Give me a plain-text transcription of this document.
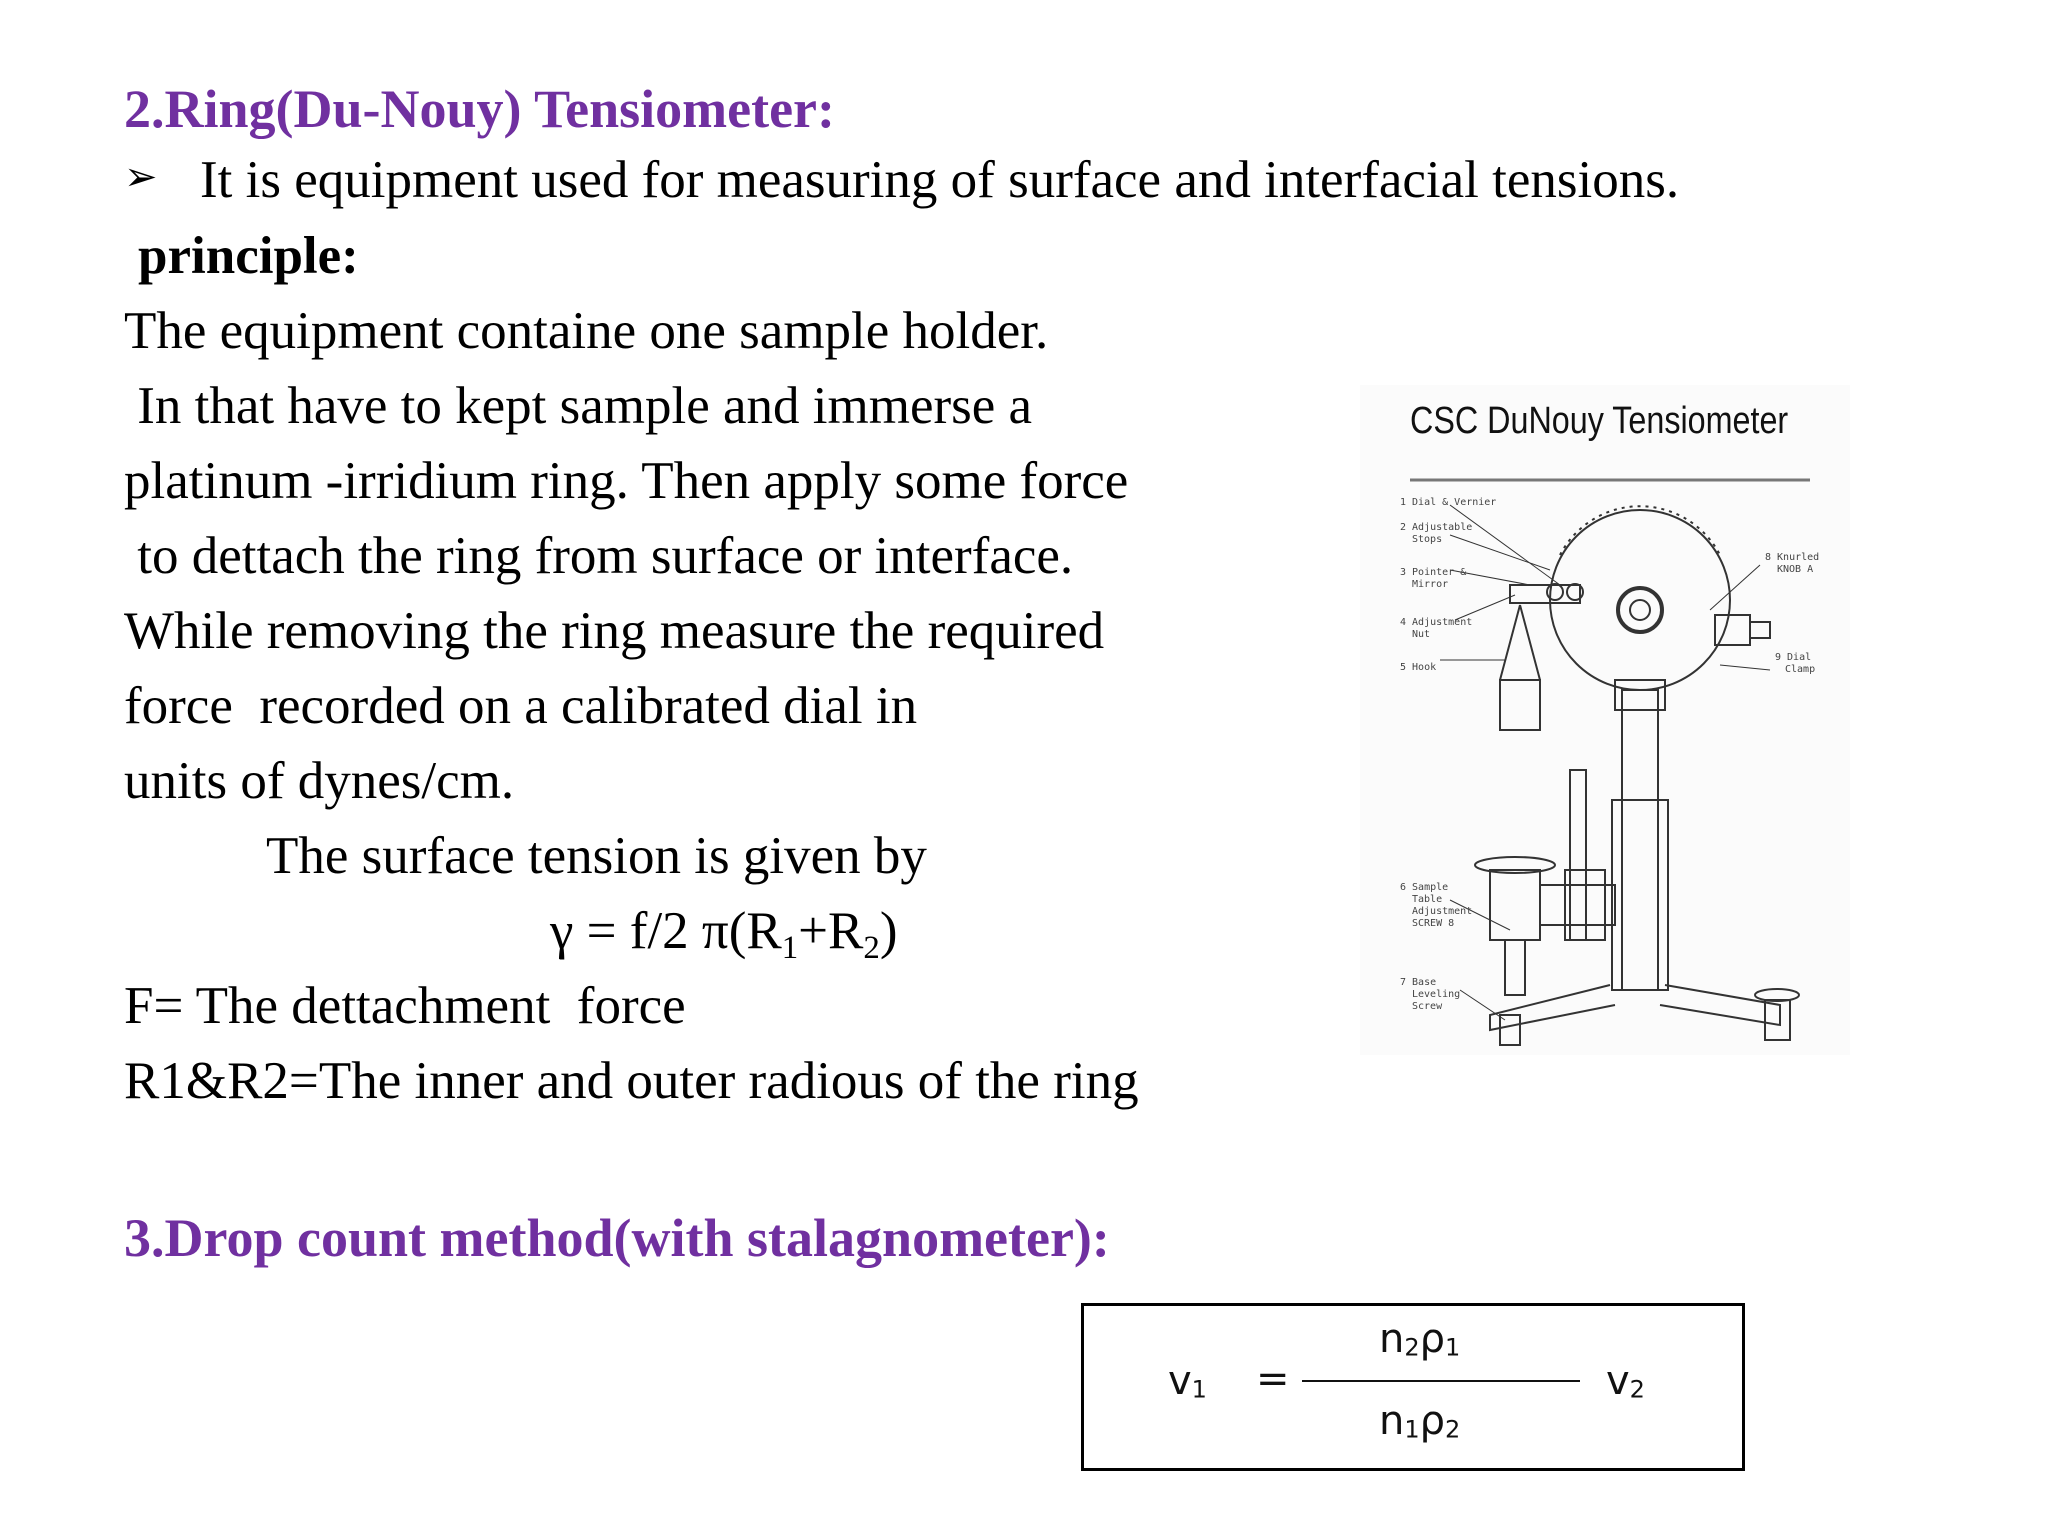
2.Ring(Du-Nouy) Tensiometer:
➢ It is equipment used for measuring of surface and interfacial tensions.
principle:
The equipment containe one sample holder.
In that have to kept sample and immerse a
platinum -irridium ring. Then apply some force
to dettach the ring from surface or interface.
While removing the ring measure the required
force  recorded on a calibrated dial in
units of dynes/cm.
The surface tension is given by
γ = f/2 $\pi(R_1+R_2)$
F= The dettachment  force
R1&R2=The inner and outer radious of the ring
CSC DuNouy Tensiometer
1 Dial & Vernier
2 Adjustable
Stops
3 Pointer &
Mirror
4 Adjustment
Nut
5 Hook
6 Sample
Table
Adjustment
SCREW 8
7 Base
Leveling
Screw
8 Knurled
KNOB A
9 Dial
Clamp
3.Drop count method(with stalagnometer):
$v_1$ =
$n_2\rho_1$
$n_1\rho_2$
$v_2$
